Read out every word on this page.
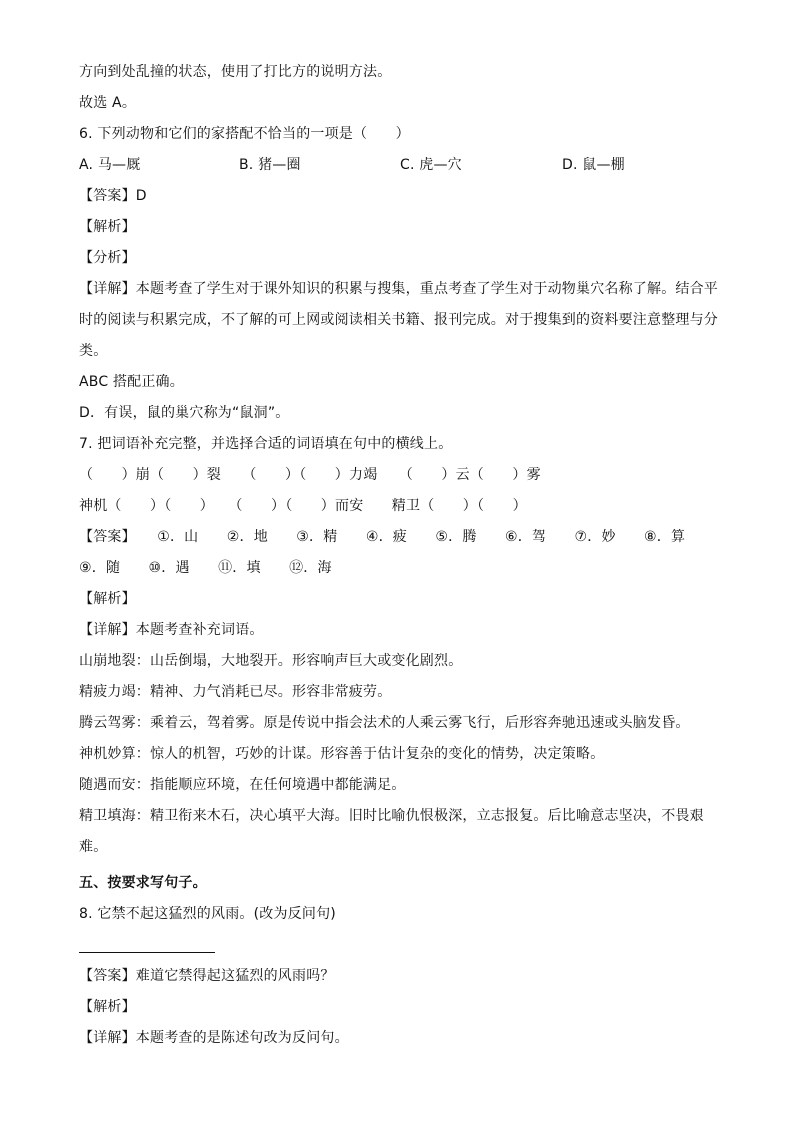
方向到处乱撞的状态，使用了打比方的说明方法。
故选 A。
6. 下列动物和它们的家搭配不恰当的一项是（　　）
A. 马—厩	B. 猪—圈	C. 虎—穴	D. 鼠—棚
【答案】D
【解析】
【分析】
【详解】本题考查了学生对于课外知识的积累与搜集，重点考查了学生对于动物巢穴名称了解。结合平
时的阅读与积累完成，不了解的可上网或阅读相关书籍、报刊完成。对于搜集到的资料要注意整理与分
类。
ABC 搭配正确。
D．有误，鼠的巢穴称为“鼠洞”。
7. 把词语补充完整，并选择合适的词语填在句中的横线上。
（　　）崩（　　）裂　　（　　）（　　）力竭　　（　　）云（　　）雾
神机（　　）（　　）　　（　　）（　　）而安　　精卫（　　）（　　）
【答案】　　①．山　　②．地　　③．精　　④．疲　　⑤．腾　　⑥．驾　　⑦．妙　　⑧．算
⑨．随　　⑩．遇　　⑪．填　　⑫．海
【解析】
【详解】本题考查补充词语。
山崩地裂：山岳倒塌，大地裂开。形容响声巨大或变化剧烈。
精疲力竭：精神、力气消耗已尽。形容非常疲劳。
腾云驾雾：乘着云，驾着雾。原是传说中指会法术的人乘云雾飞行，后形容奔驰迅速或头脑发昏。
神机妙算：惊人的机智，巧妙的计谋。形容善于估计复杂的变化的情势，决定策略。
随遇而安：指能顺应环境，在任何境遇中都能满足。
精卫填海：精卫衔来木石，决心填平大海。旧时比喻仇恨极深，立志报复。后比喻意志坚决，不畏艰
难。
五、按要求写句子。
8. 它禁不起这猛烈的风雨。(改为反问句)
【答案】难道它禁得起这猛烈的风雨吗？
【解析】
【详解】本题考查的是陈述句改为反问句。
